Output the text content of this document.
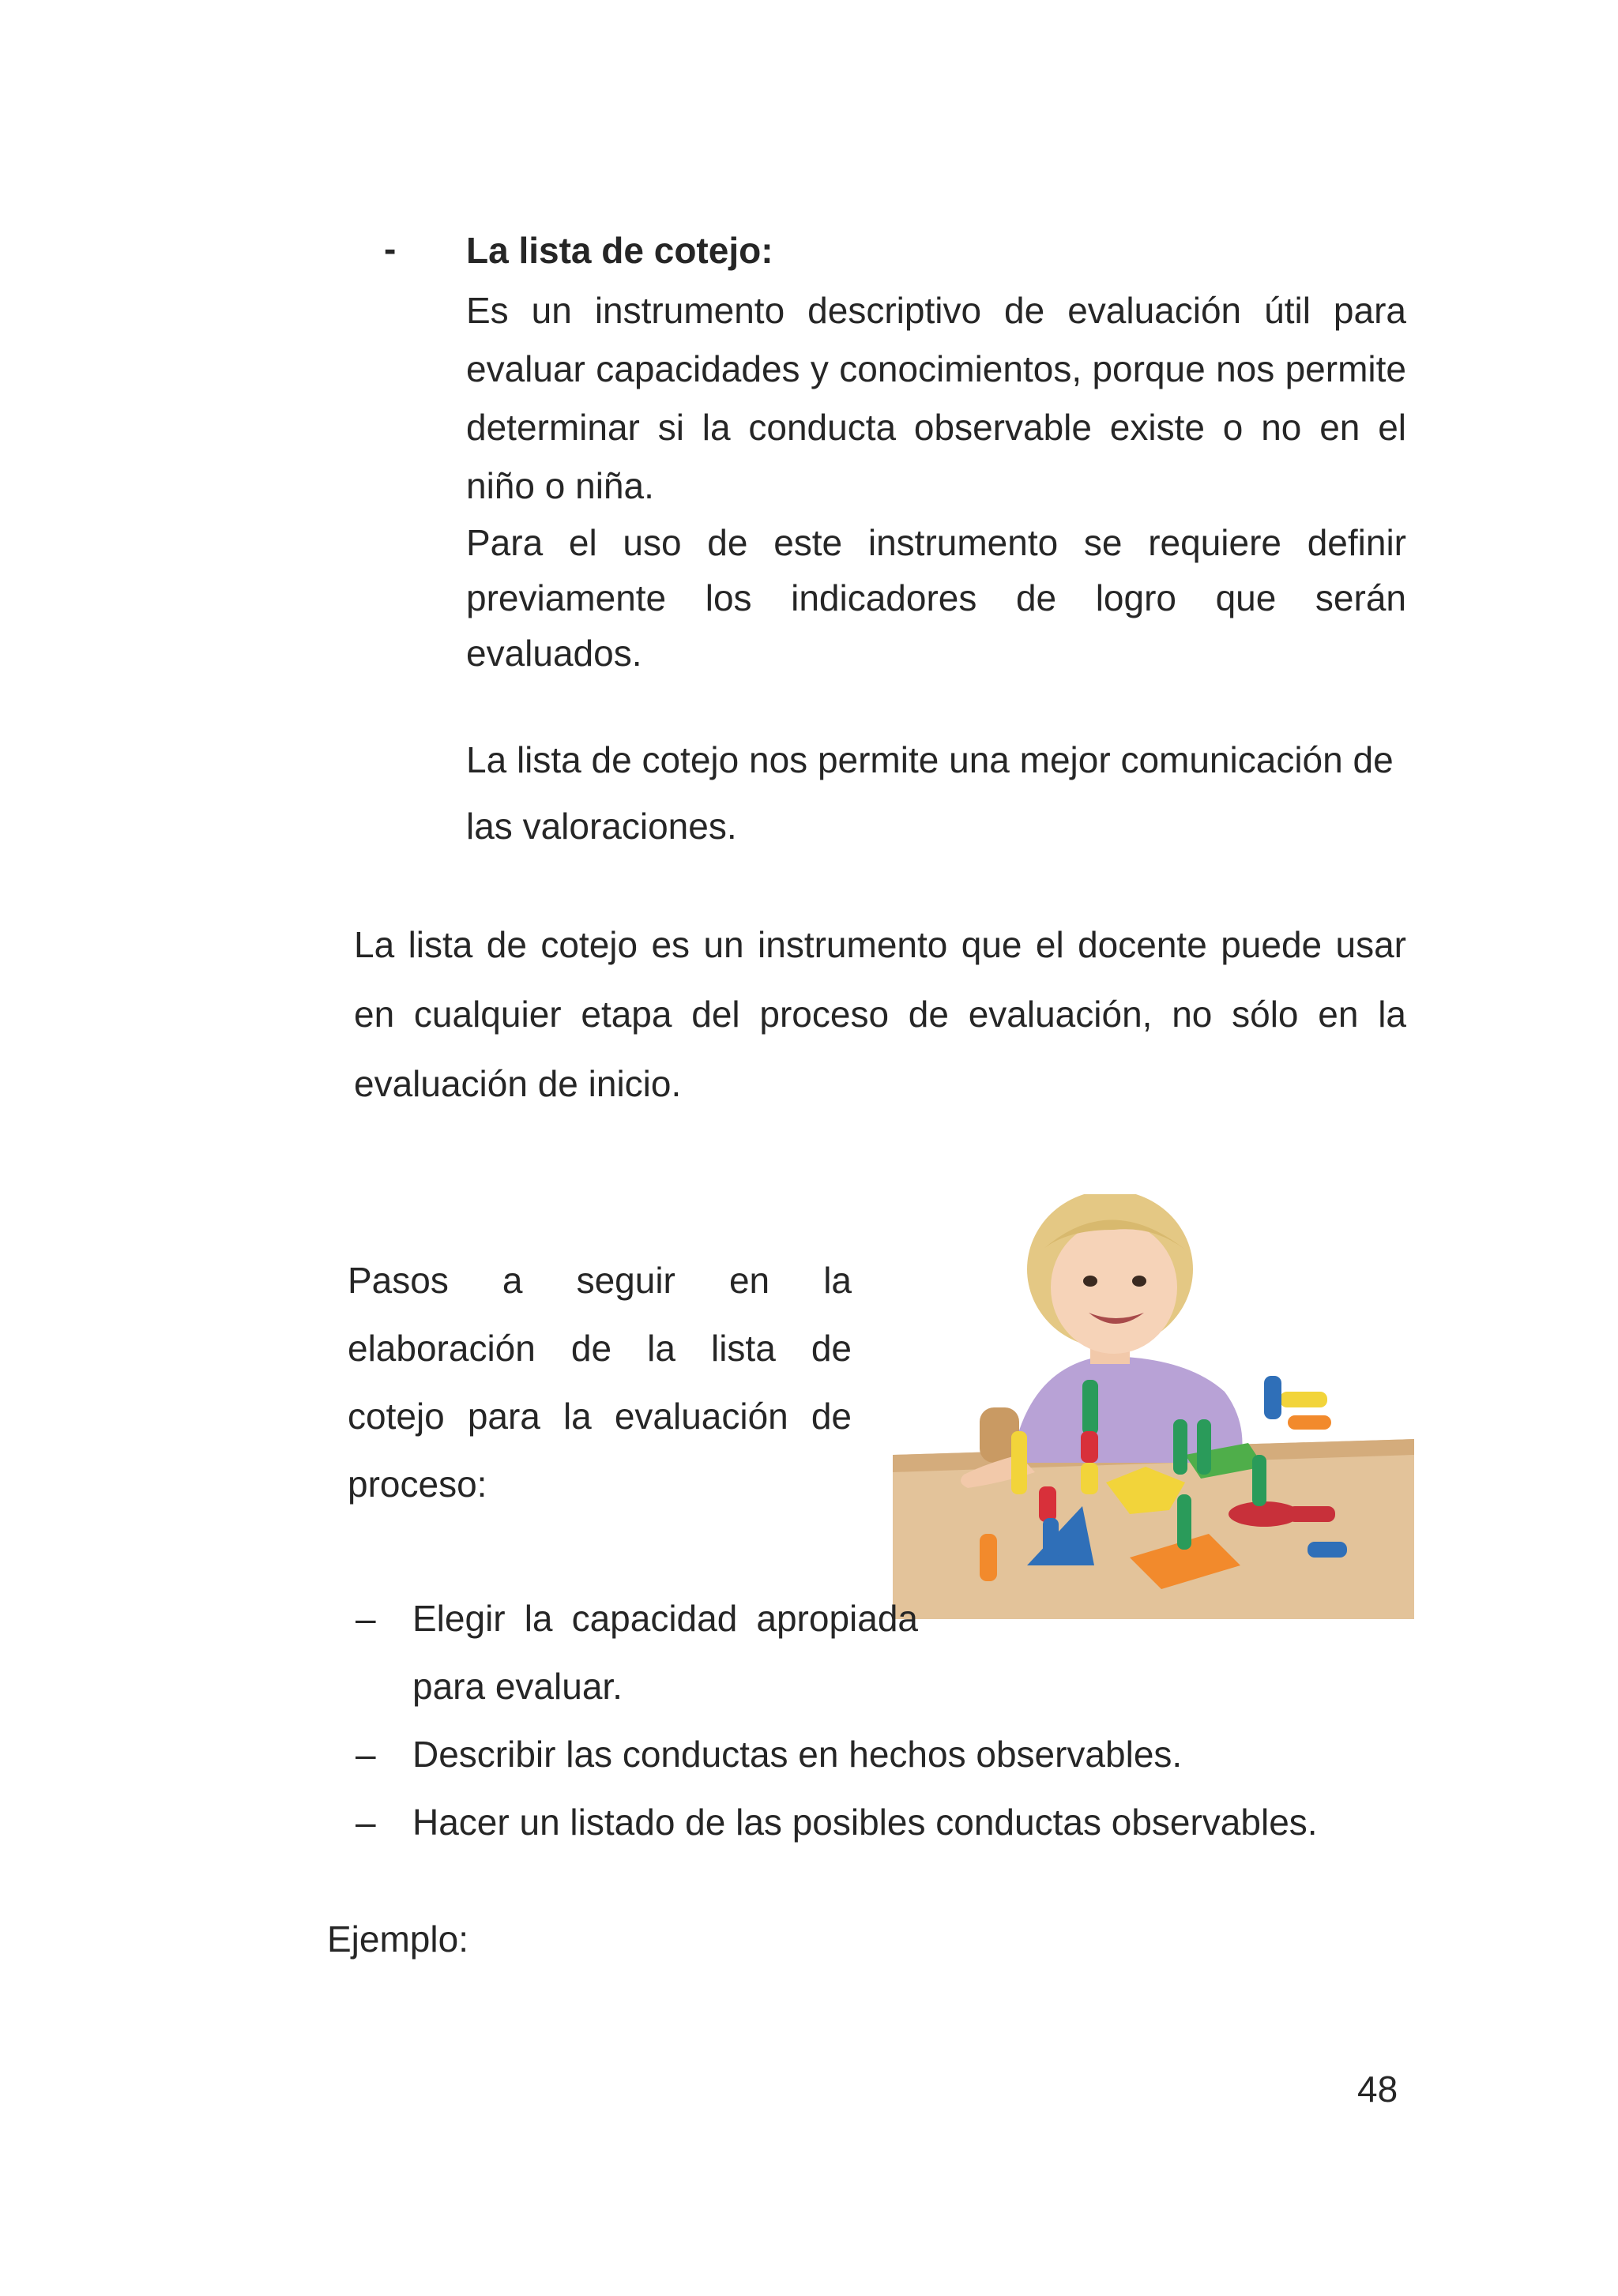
- La lista de cotejo:

Es un instrumento descriptivo de evaluación útil para evaluar capacidades y conocimientos, porque nos permite determinar si la conducta observable existe o no en el niño o niña.

Para el uso de este instrumento se requiere definir previamente los indicadores de logro que serán evaluados.

La lista de cotejo nos permite una mejor comunicación de las valoraciones.
La lista de cotejo es un instrumento que el docente puede usar en cualquier etapa del proceso de evaluación, no sólo en la evaluación de inicio.
Pasos a seguir en la elaboración de la lista de cotejo para la evaluación de proceso:
– Elegir la capacidad apropiada para evaluar.
– Describir las conductas en hechos observables.
– Hacer un listado de las posibles conductas observables.
Ejemplo:
48
